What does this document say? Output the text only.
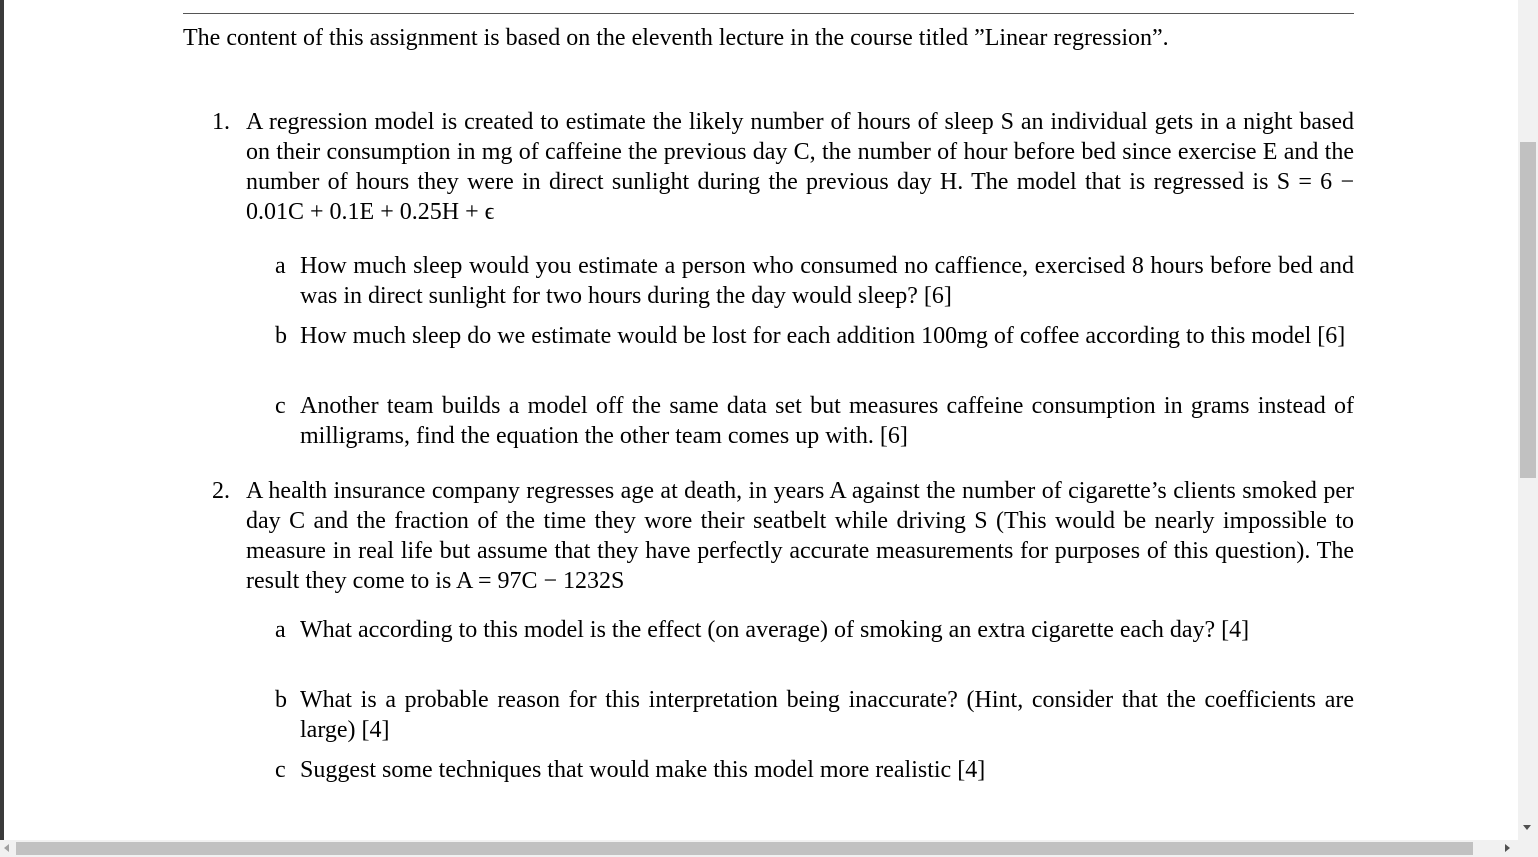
The content of this assignment is based on the eleventh lecture in the course titled ”Linear regression”.
1. A regression model is created to estimate the likely number of hours of sleep S an individual gets in a night based on their consumption in mg of caffeine the previous day C, the number of hour before bed since exercise E and the number of hours they were in direct sunlight during the previous day H. The model that is regressed is S = 6 − 0.01C + 0.1E + 0.25H + ϵ
a How much sleep would you estimate a person who consumed no caffience, exercised 8 hours before bed and was in direct sunlight for two hours during the day would sleep? [6]
b How much sleep do we estimate would be lost for each addition 100mg of coffee according to this model [6]
c Another team builds a model off the same data set but measures caffeine consumption in grams instead of milligrams, find the equation the other team comes up with. [6]
2. A health insurance company regresses age at death, in years A against the number of cigarette’s clients smoked per day C and the fraction of the time they wore their seatbelt while driving S (This would be nearly impossible to measure in real life but assume that they have perfectly accurate measurements for purposes of this question). The result they come to is A = 97C − 1232S
a What according to this model is the effect (on average) of smoking an extra cigarette each day? [4]
b What is a probable reason for this interpretation being inaccurate? (Hint, consider that the coefficients are large) [4]
c Suggest some techniques that would make this model more realistic [4]
